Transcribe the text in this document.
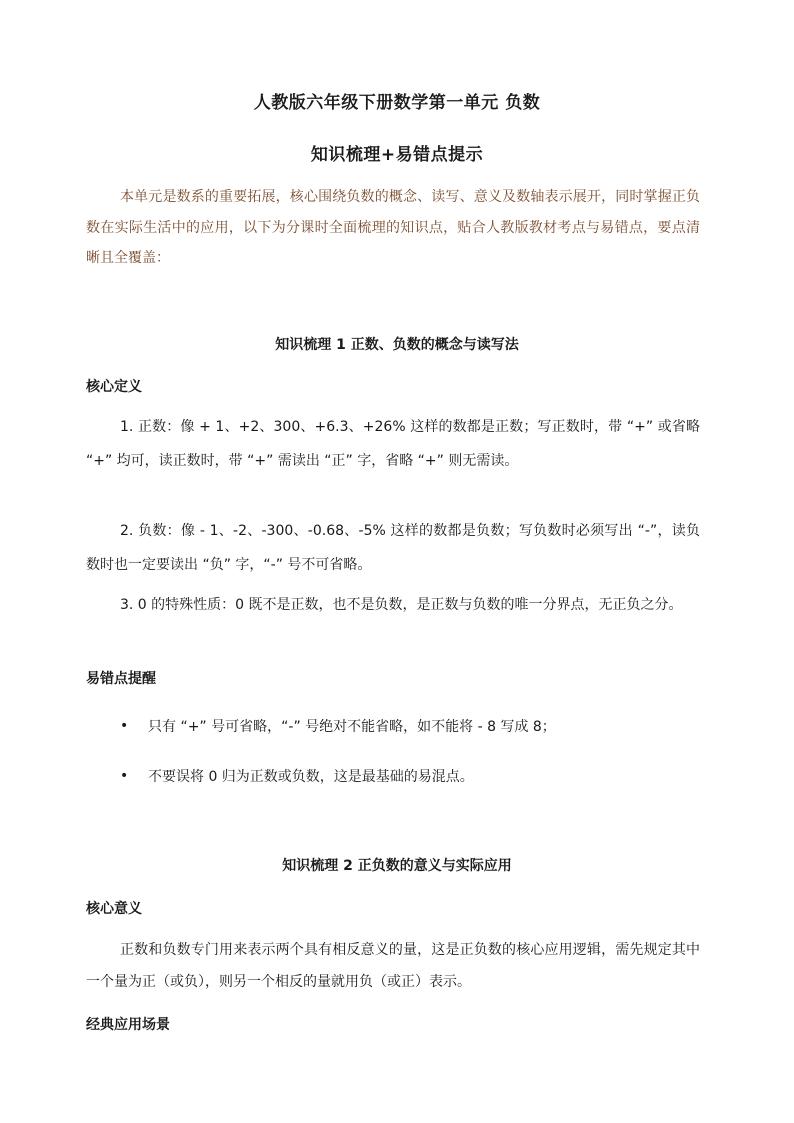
人教版六年级下册数学第一单元 负数
知识梳理+易错点提示
本单元是数系的重要拓展，核心围绕负数的概念、读写、意义及数轴表示展开，同时掌握正负数在实际生活中的应用，以下为分课时全面梳理的知识点，贴合人教版教材考点与易错点，要点清晰且全覆盖：
知识梳理 1 正数、负数的概念与读写法
核心定义
1. 正数：像 + 1、+2、300、+6.3、+26% 这样的数都是正数；写正数时，带 “+” 或省略 “+” 均可，读正数时，带 “+” 需读出 “正” 字，省略 “+” 则无需读。
2. 负数：像 - 1、-2、-300、-0.68、-5% 这样的数都是负数；写负数时必须写出 “-”，读负数时也一定要读出 “负” 字，“-” 号不可省略。
3. 0 的特殊性质：0 既不是正数，也不是负数，是正数与负数的唯一分界点，无正负之分。
易错点提醒
•	只有 “+” 号可省略，“-” 号绝对不能省略，如不能将 - 8 写成 8；
•	不要误将 0 归为正数或负数，这是最基础的易混点。
知识梳理 2 正负数的意义与实际应用
核心意义
正数和负数专门用来表示两个具有相反意义的量，这是正负数的核心应用逻辑，需先规定其中一个量为正（或负），则另一个相反的量就用负（或正）表示。
经典应用场景
